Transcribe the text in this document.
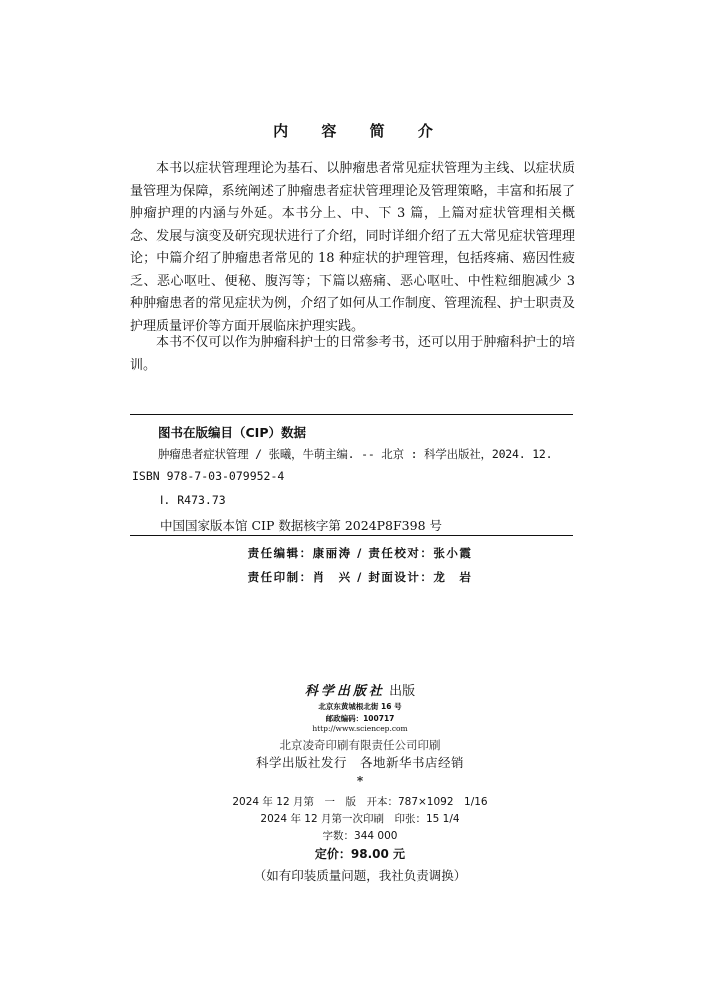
内 容 简 介

本书以症状管理理论为基石、以肿瘤患者常见症状管理为主线、以症状质量管理为保障，系统阐述了肿瘤患者症状管理理论及管理策略，丰富和拓展了肿瘤护理的内涵与外延。本书分上、中、下 3 篇，上篇对症状管理相关概念、发展与演变及研究现状进行了介绍，同时详细介绍了五大常见症状管理理论；中篇介绍了肿瘤患者常见的 18 种症状的护理管理，包括疼痛、癌因性疲乏、恶心呕吐、便秘、腹泻等；下篇以癌痛、恶心呕吐、中性粒细胞减少 3 种肿瘤患者的常见症状为例，介绍了如何从工作制度、管理流程、护士职责及护理质量评价等方面开展临床护理实践。

本书不仅可以作为肿瘤科护士的日常参考书，还可以用于肿瘤科护士的培训。

图书在版编目（CIP）数据
肿瘤患者症状管理 / 张曦，牛萌主编. -- 北京 : 科学出版社，2024. 12.
ISBN 978-7-03-079952-4
Ⅰ. R473.73
中国国家版本馆 CIP 数据核字第 2024P8F398 号
责任编辑：康丽涛 / 责任校对：张小霞
责任印制：肖　兴 / 封面设计：龙　岩
科学出版社 出版
北京东黄城根北街 16 号
邮政编码：100717
http://www.sciencep.com
北京凌奇印刷有限责任公司印刷
科学出版社发行　各地新华书店经销
*
2024 年 12 月第　一　版　开本：787×1092　1/16
2024 年 12 月第一次印刷　印张：15 1/4
字数：344 000
定价：98.00 元
（如有印装质量问题，我社负责调换）
